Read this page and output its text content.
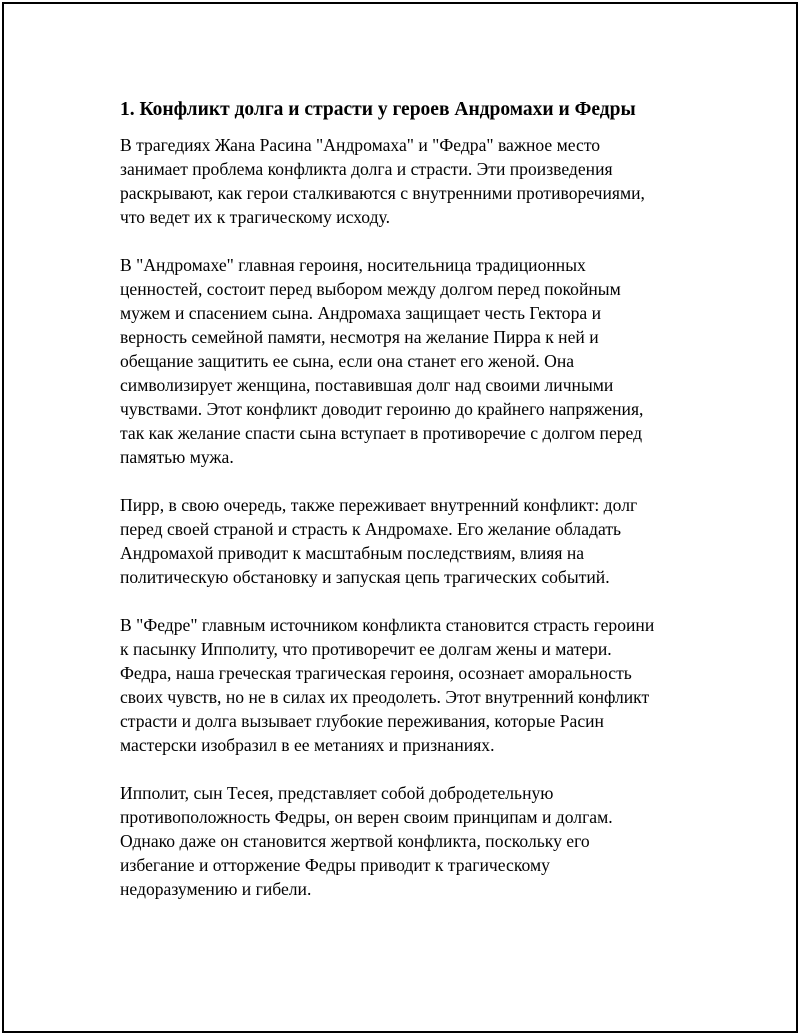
1. Конфликт долга и страсти у героев Андромахи и Федры

В трагедиях Жана Расина "Андромаха" и "Федра" важное место
занимает проблема конфликта долга и страсти. Эти произведения
раскрывают, как герои сталкиваются с внутренними противоречиями,
что ведет их к трагическому исходу.

В "Андромахе" главная героиня, носительница традиционных
ценностей, состоит перед выбором между долгом перед покойным
мужем и спасением сына. Андромаха защищает честь Гектора и
верность семейной памяти, несмотря на желание Пирра к ней и
обещание защитить ее сына, если она станет его женой. Она
символизирует женщина, поставившая долг над своими личными
чувствами. Этот конфликт доводит героиню до крайнего напряжения,
так как желание спасти сына вступает в противоречие с долгом перед
памятью мужа.

Пирр, в свою очередь, также переживает внутренний конфликт: долг
перед своей страной и страсть к Андромахе. Его желание обладать
Андромахой приводит к масштабным последствиям, влияя на
политическую обстановку и запуская цепь трагических событий.

В "Федре" главным источником конфликта становится страсть героини
к пасынку Ипполиту, что противоречит ее долгам жены и матери.
Федра, наша греческая трагическая героиня, осознает аморальность
своих чувств, но не в силах их преодолеть. Этот внутренний конфликт
страсти и долга вызывает глубокие переживания, которые Расин
мастерски изобразил в ее метаниях и признаниях.

Ипполит, сын Тесея, представляет собой добродетельную
противоположность Федры, он верен своим принципам и долгам.
Однако даже он становится жертвой конфликта, поскольку его
избегание и отторжение Федры приводит к трагическому
недоразумению и гибели.
